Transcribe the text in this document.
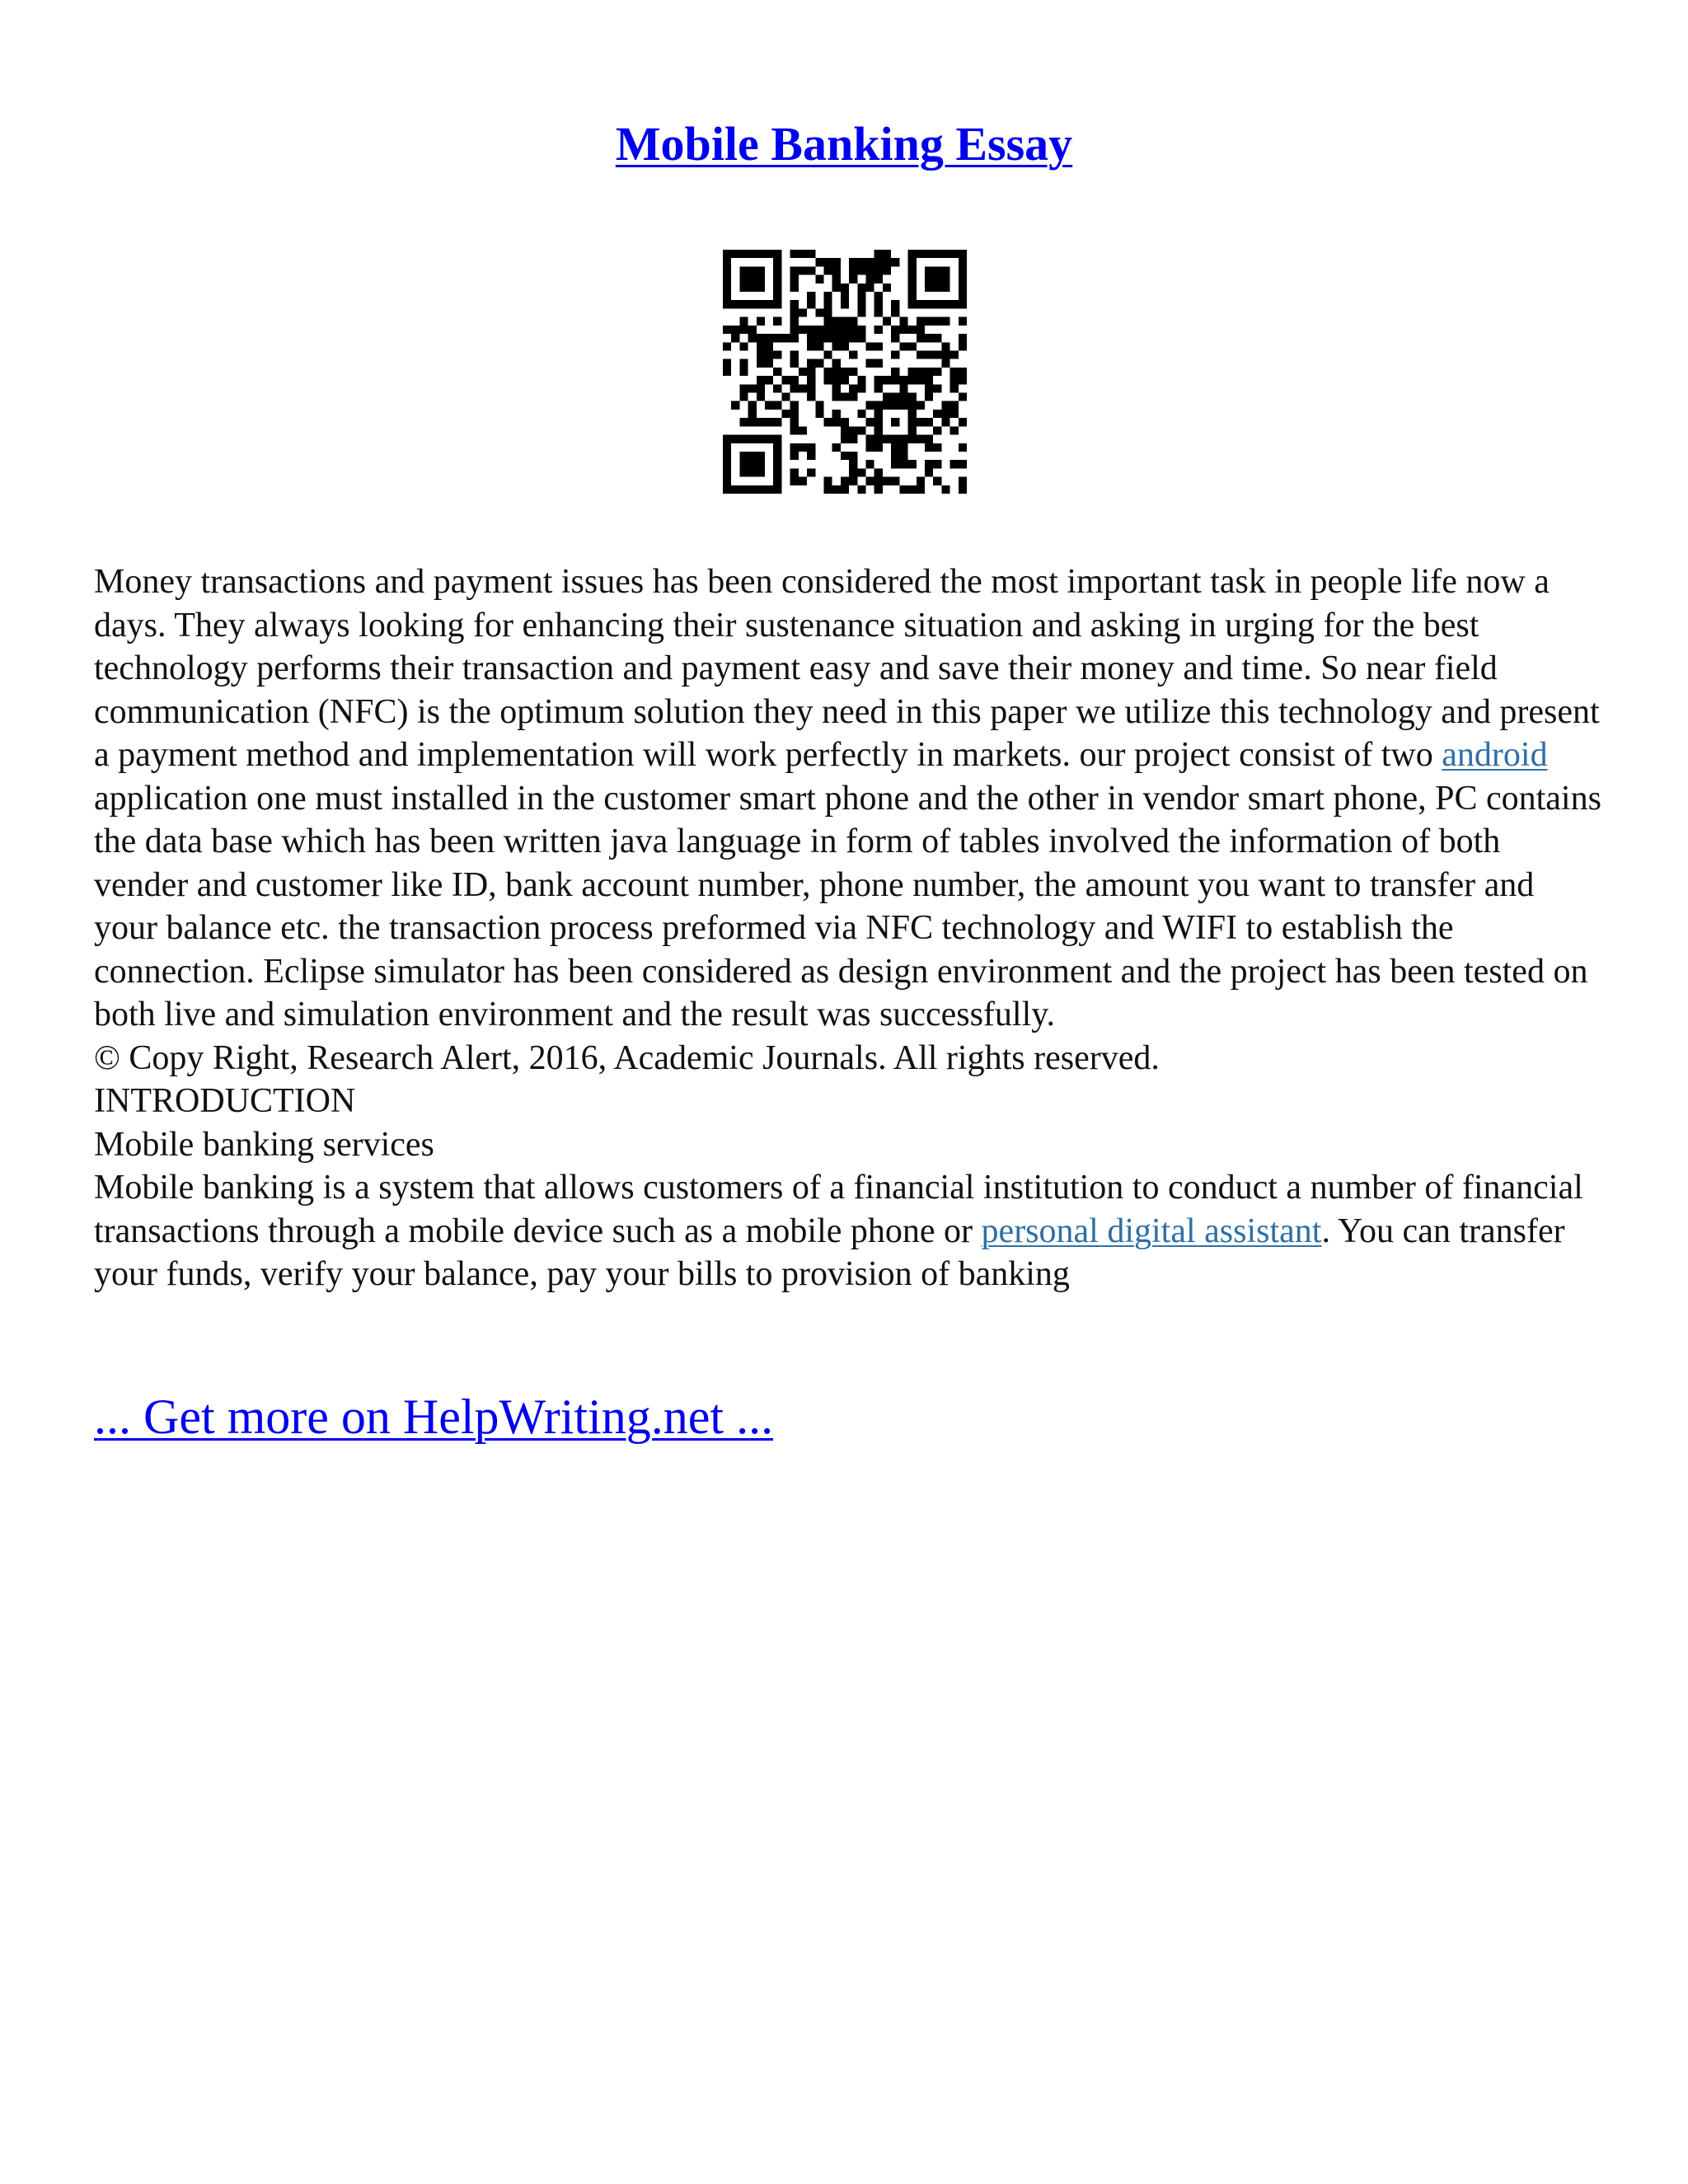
Mobile Banking Essay

Money transactions and payment issues has been considered the most important task in people life now a days. They always looking for enhancing their sustenance situation and asking in urging for the best technology performs their transaction and payment easy and save their money and time. So near field communication (NFC) is the optimum solution they need in this paper we utilize this technology and present a payment method and implementation will work perfectly in markets. our project consist of two android application one must installed in the customer smart phone and the other in vendor smart phone, PC contains the data base which has been written java language in form of tables involved the information of both vender and customer like ID, bank account number, phone number, the amount you want to transfer and your balance etc. the transaction process preformed via NFC technology and WIFI to establish the connection. Eclipse simulator has been considered as design environment and the project has been tested on both live and simulation environment and the result was successfully.

© Copy Right, Research Alert, 2016, Academic Journals. All rights reserved.

INTRODUCTION

Mobile banking services

Mobile banking is a system that allows customers of a financial institution to conduct a number of financial transactions through a mobile device such as a mobile phone or personal digital assistant. You can transfer your funds, verify your balance, pay your bills to provision of banking

... Get more on HelpWriting.net ...
